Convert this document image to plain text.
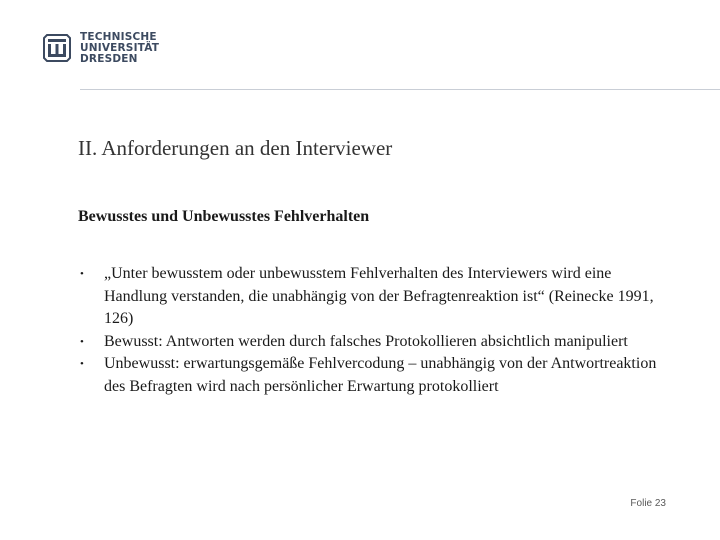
TECHNISCHE
UNIVERSITÄT
DRESDEN
II. Anforderungen an den Interviewer
Bewusstes und Unbewusstes Fehlverhalten
•	„Unter bewusstem oder unbewusstem Fehlverhalten des Interviewers wird eine Handlung verstanden, die unabhängig von der Befragtenreaktion ist“ (Reinecke 1991, 126)
•	Bewusst: Antworten werden durch falsches Protokollieren absichtlich manipuliert
•	Unbewusst: erwartungsgemäße Fehlvercodung – unabhängig von der Antwortreaktion des Befragten wird nach persönlicher Erwartung protokolliert
Folie 23
